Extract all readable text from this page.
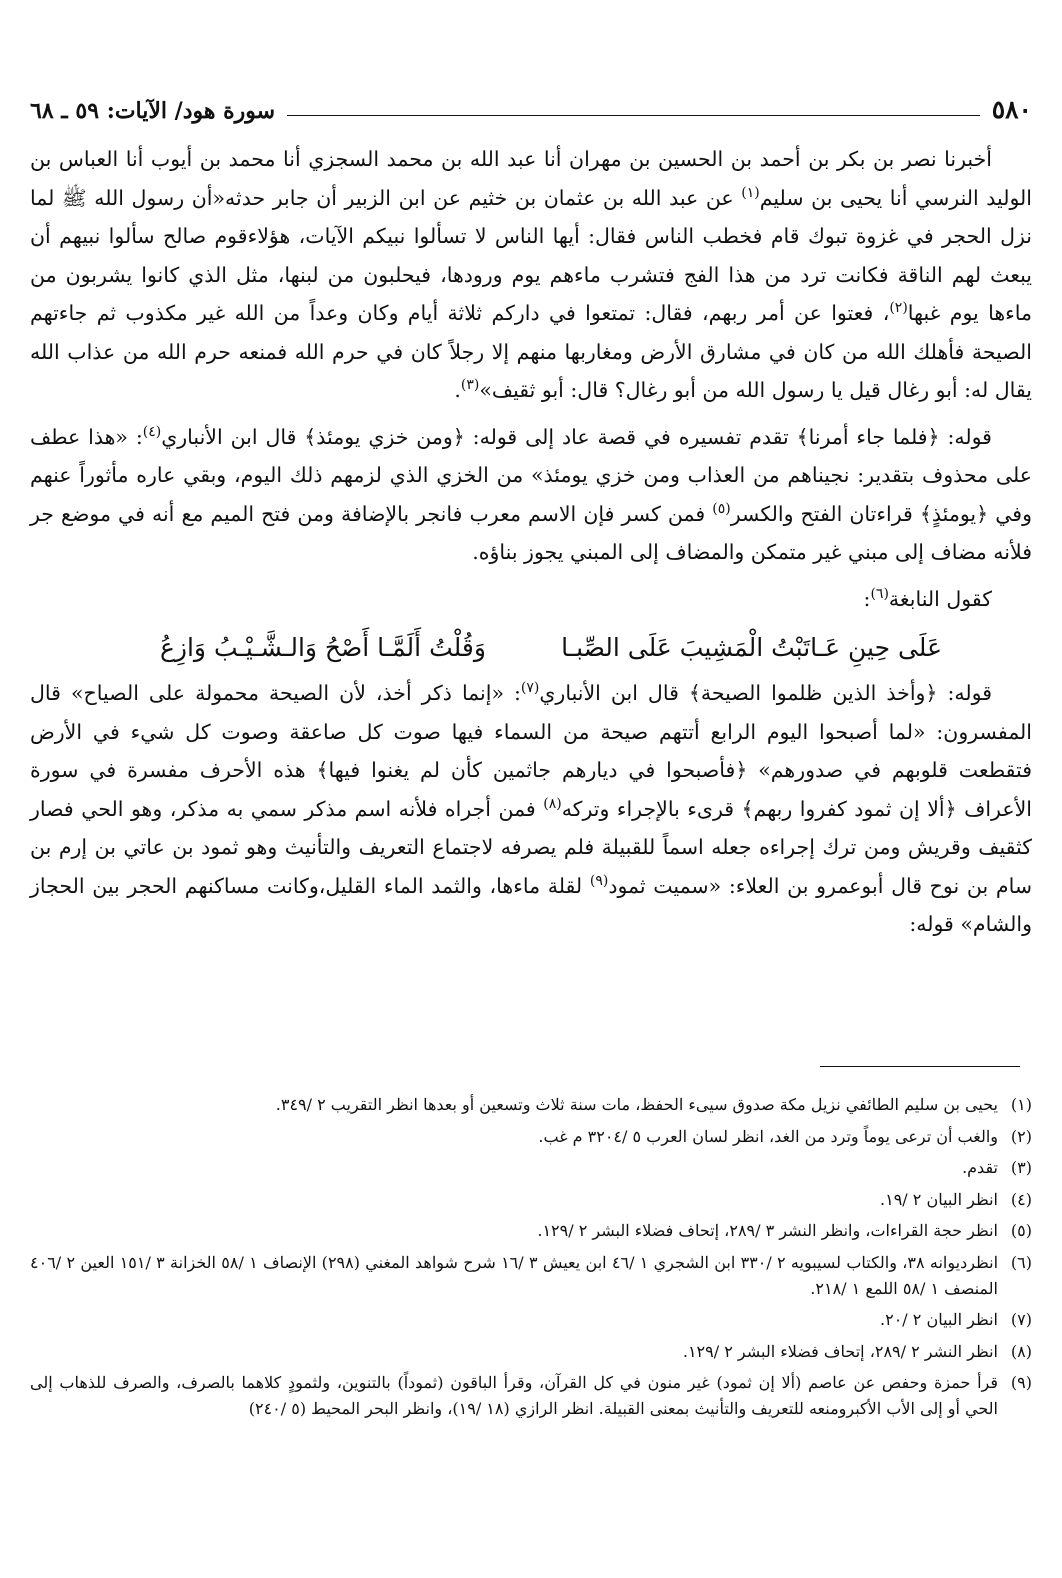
٥٨٠
سورة هود/ الآيات: ٥٩ ـ ٦٨

أخبرنا نصر بن بكر بن أحمد بن الحسين بن مهران أنا عبد الله بن محمد السجزي أنا محمد بن أيوب أنا العباس بن الوليد النرسي أنا يحيى بن سليم$^{(١)}$ عن عبد الله بن عثمان بن خثيم عن ابن الزبير أن جابر حدثه«أن رسول الله ﷺ لما نزل الحجر في غزوة تبوك قام فخطب الناس فقال: أيها الناس لا تسألوا نبيكم الآيات، هؤلاءقوم صالح سألوا نبيهم أن يبعث لهم الناقة فكانت ترد من هذا الفج فتشرب ماءهم يوم ورودها، فيحلبون من لبنها، مثل الذي كانوا يشربون من ماءها يوم غبها$^{(٢)}$، فعتوا عن أمر ربهم، فقال: تمتعوا في داركم ثلاثة أيام وكان وعداً من الله غير مكذوب ثم جاءتهم الصيحة فأهلك الله من كان في مشارق الأرض ومغاربها منهم إلا رجلاً كان في حرم الله فمنعه حرم الله من عذاب الله يقال له: أبو رغال قيل يا رسول الله من أبو رغال؟ قال: أبو ثقيف»$^{(٣)}$.

قوله: ﴿فلما جاء أمرنا﴾ تقدم تفسيره في قصة عاد إلى قوله: ﴿ومن خزي يومئذ﴾ قال ابن الأنباري$^{(٤)}$: «هذا عطف على محذوف بتقدير: نجيناهم من العذاب ومن خزي يومئذ» من الخزي الذي لزمهم ذلك اليوم، وبقي عاره مأثوراً عنهم وفي ﴿يومئذٍ﴾ قراءتان الفتح والكسر$^{(٥)}$ فمن كسر فإن الاسم معرب فانجر بالإضافة ومن فتح الميم مع أنه في موضع جر فلأنه مضاف إلى مبني غير متمكن والمضاف إلى المبني يجوز بناؤه.

كقول النابغة$^{(٦)}$:

عَلَى حِينِ عَـاتَبْتُ الْمَشِيبَ عَلَى الصِّبـا
وَقُلْتُ أَلَمَّـا أَصْحُ وَالـشَّـيْـبُ وَازِعُ

قوله: ﴿وأخذ الذين ظلموا الصيحة﴾ قال ابن الأنباري$^{(٧)}$: «إنما ذكر أخذ، لأن الصيحة محمولة على الصياح» قال المفسرون: «لما أصبحوا اليوم الرابع أتتهم صيحة من السماء فيها صوت كل صاعقة وصوت كل شيء في الأرض فتقطعت قلوبهم في صدورهم» ﴿فأصبحوا في ديارهم جاثمين كأن لم يغنوا فيها﴾ هذه الأحرف مفسرة في سورة الأعراف ﴿ألا إن ثمود كفروا ربهم﴾ قرىء بالإجراء وتركه$^{(٨)}$ فمن أجراه فلأنه اسم مذكر سمي به مذكر، وهو الحي فصار كثقيف وقريش ومن ترك إجراءه جعله اسماً للقبيلة فلم يصرفه لاجتماع التعريف والتأنيث وهو ثمود بن عاتي بن إرم بن سام بن نوح قال أبوعمرو بن العلاء: «سميت ثمود$^{(٩)}$ لقلة ماءها، والثمد الماء القليل،وكانت مساكنهم الحجر بين الحجاز والشام» قوله:

(١)
يحيى بن سليم الطائفي نزيل مكة صدوق سيىء الحفظ، مات سنة ثلاث وتسعين أو بعدها انظر التقريب ٢ /٣٤٩.
(٢)
والغب أن ترعى يوماً وترد من الغد، انظر لسان العرب ٥ /٣٢٠٤ م غب.
(٣)
تقدم.
(٤)
انظر البيان ٢ /١٩.
(٥)
انظر حجة القراءات، وانظر النشر ٣ /٢٨٩، إتحاف فضلاء البشر ٢ /١٢٩.
(٦)
انظرديوانه ٣٨، والكتاب لسيبويه ٢ /٣٣٠ ابن الشجري ١ /٤٦ ابن يعيش ٣ /١٦ شرح شواهد المغني (٢٩٨) الإنصاف ١ /٥٨ الخزانة ٣ /١٥١ العين ٢ /٤٠٦ المنصف ١ /٥٨ اللمع ١ /٢١٨.
(٧)
انظر البيان ٢ /٢٠.
(٨)
انظر النشر ٢ /٢٨٩، إتحاف فضلاء البشر ٢ /١٢٩.
(٩)
قرأ حمزة وحفص عن عاصم (ألا إن ثمود) غير منون في كل القرآن، وقرأ الباقون (ثموداً) بالتنوين، ولثمودٍ كلاهما بالصرف، والصرف للذهاب إلى الحي أو إلى الأب الأكبرومنعه للتعريف والتأنيث بمعنى القبيلة. انظر الرازي (١٨ /١٩)، وانظر البحر المحيط (٥ /٢٤٠)
